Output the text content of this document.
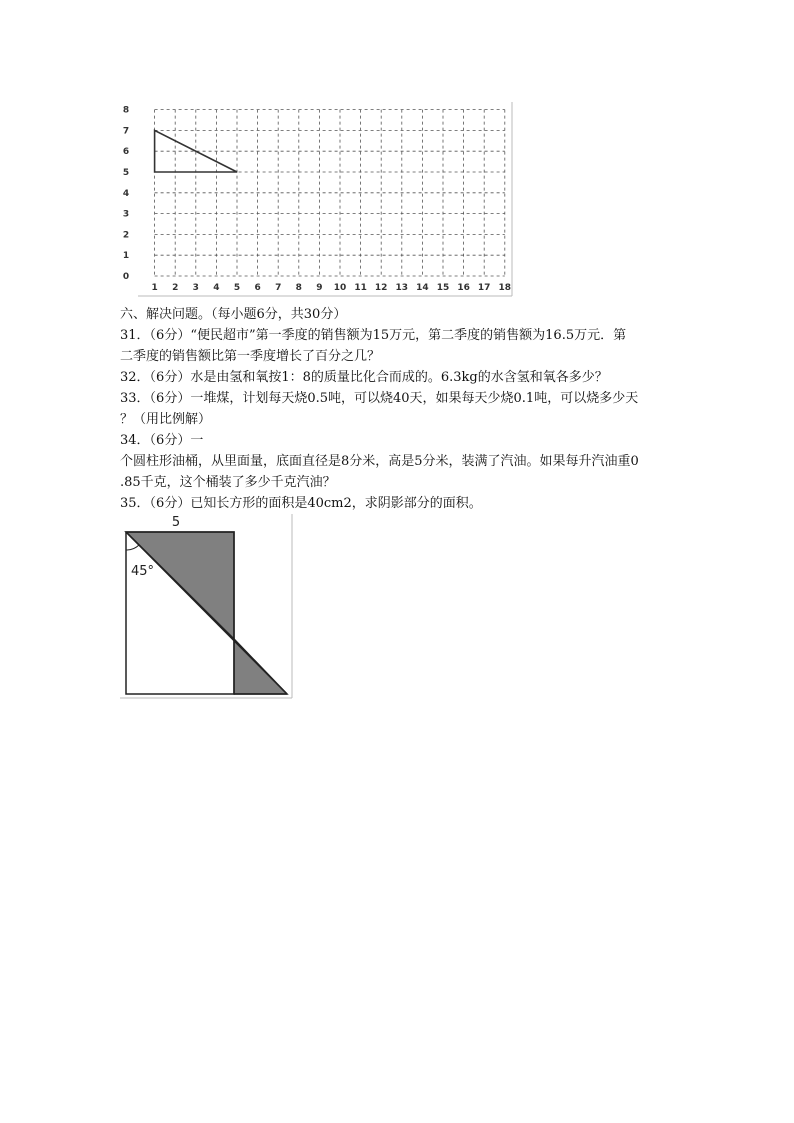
1 2 3 4 5 6 7 8 9 10 11 12 13 14 15 16 17 18
0
1
2
3
4
5
6
7
8
六、解决问题。（每小题6分，共30分）
31．（6分）“便民超市”第一季度的销售额为15万元，第二季度的销售额为16.5万元．第
二季度的销售额比第一季度增长了百分之几？
32．（6分）水是由氢和氧按1：8的质量比化合而成的。6.3kg的水含氢和氧各多少？
33．（6分）一堆煤，计划每天烧0.5吨，可以烧40天，如果每天少烧0.1吨，可以烧多少天
？（用比例解）
34．（6分）一
个圆柱形油桶，从里面量，底面直径是8分米，高是5分米，装满了汽油。如果每升汽油重0
.85千克，这个桶装了多少千克汽油？
35．（6分）已知长方形的面积是40cm2，求阴影部分的面积。
5
45°
